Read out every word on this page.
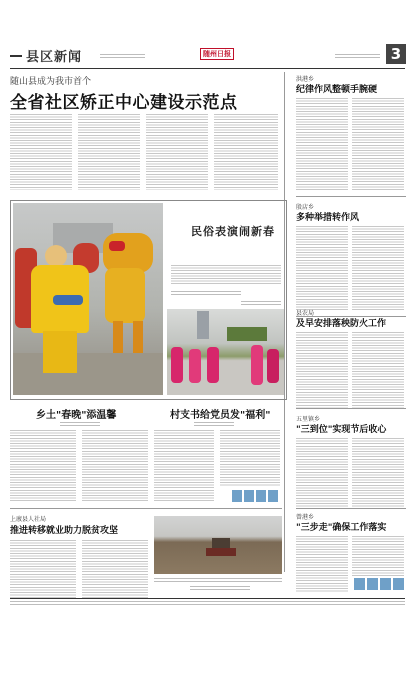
县区新闻	随州日报	3
随山县成为我市首个
全省社区矫正中心建设示范点
民俗表演闹新春
乡土"春晚"添温馨	村支书给党员发"福利"
上廒县人社局
推进转移就业助力脱贫攻坚
洪港乡
纪律作风整顿手腕硬
殷店乡
多种举措转作风
县农局
及早安排落秧防火工作
五里镇乡
"三到位"实现节后收心
曾港乡
"三步走"确保工作落实
